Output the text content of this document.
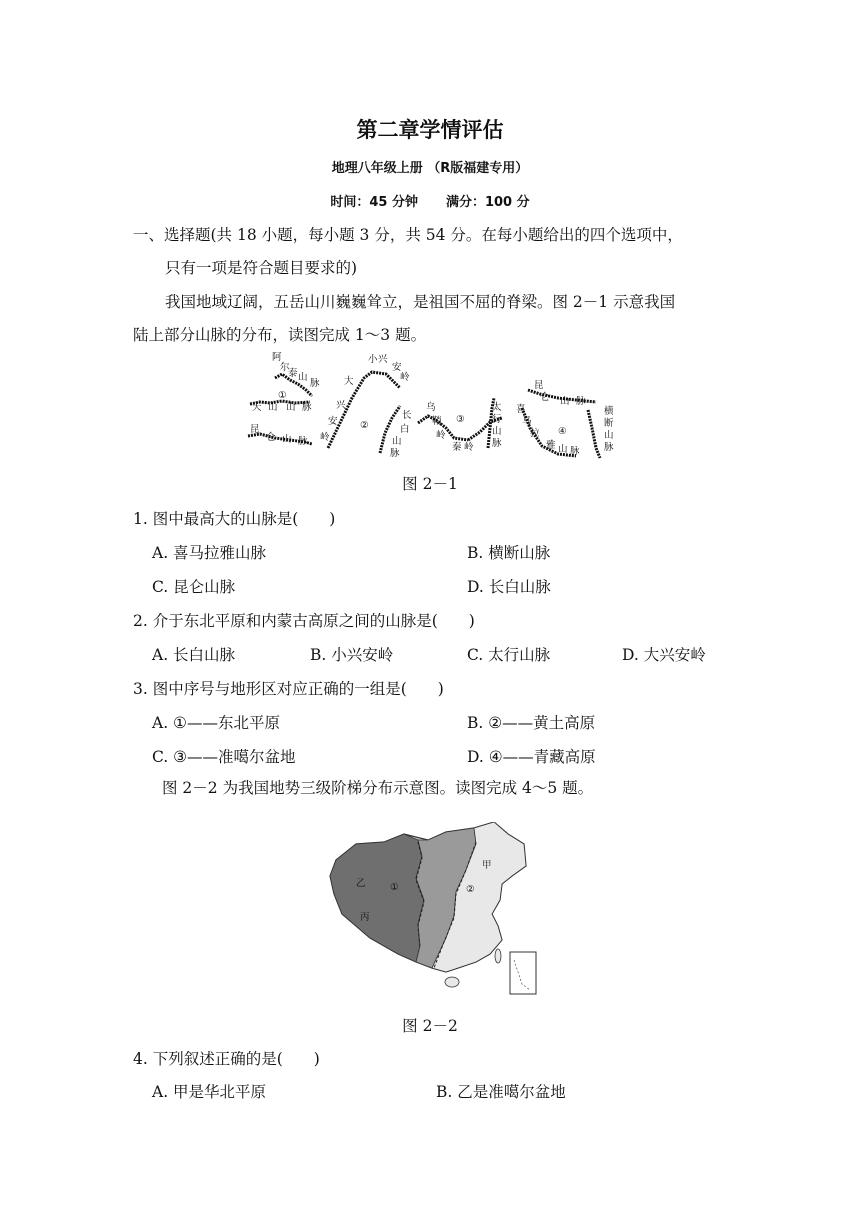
第二章学情评估
地理八年级上册 （R版福建专用）
时间：45 分钟 满分：100 分
一、选择题(共 18 小题，每小题 3 分，共 54 分。在每小题给出的四个选项中，
只有一项是符合题目要求的)
我国地域辽阔，五岳山川巍巍耸立，是祖国不屈的脊梁。图 2－1 示意我国
陆上部分山脉的分布，读图完成 1～3 题。
阿
尔
泰 山
脉
①
天 山 山 脉
昆
仑 山 脉
大
兴
安
岭
小 兴
安
岭
②
长
白
山
脉
乌
鞘
岭
③
秦 岭
太
行
山
脉
昆
仑 山 脉
喜
马
拉
雅 山 脉
④
横
断
山
脉
图 2－1
1. 图中最高大的山脉是(　　)
A. 喜马拉雅山脉	B. 横断山脉
C. 昆仑山脉	D. 长白山脉
2. 介于东北平原和内蒙古高原之间的山脉是(　　)
A. 长白山脉	B. 小兴安岭	C. 太行山脉	D. 大兴安岭
3. 图中序号与地形区对应正确的一组是(　　)
A. ①——东北平原	B. ②——黄土高原
C. ③——准噶尔盆地	D. ④——青藏高原
图 2－2 为我国地势三级阶梯分布示意图。读图完成 4～5 题。
甲
乙
丙
①	②
图 2－2
4. 下列叙述正确的是(　　)
A. 甲是华北平原	B. 乙是准噶尔盆地
